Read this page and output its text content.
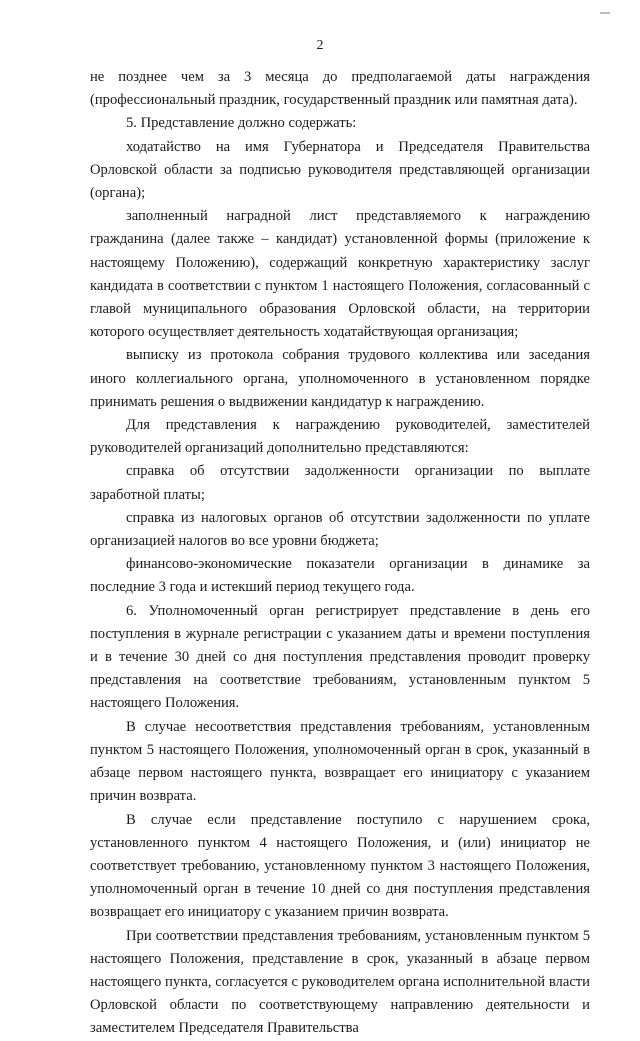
2

не позднее чем за 3 месяца до предполагаемой даты награждения (профессиональный праздник, государственный праздник или памятная дата).

5. Представление должно содержать:

ходатайство на имя Губернатора и Председателя Правительства Орловской области за подписью руководителя представляющей организации (органа);

заполненный наградной лист представляемого к награждению гражданина (далее также – кандидат) установленной формы (приложение к настоящему Положению), содержащий конкретную характеристику заслуг кандидата в соответствии с пунктом 1 настоящего Положения, согласованный с главой муниципального образования Орловской области, на территории которого осуществляет деятельность ходатайствующая организация;

выписку из протокола собрания трудового коллектива или заседания иного коллегиального органа, уполномоченного в установленном порядке принимать решения о выдвижении кандидатур к награждению.

Для представления к награждению руководителей, заместителей руководителей организаций дополнительно представляются:

справка об отсутствии задолженности организации по выплате заработной платы;

справка из налоговых органов об отсутствии задолженности по уплате организацией налогов во все уровни бюджета;

финансово-экономические показатели организации в динамике за последние 3 года и истекший период текущего года.

6. Уполномоченный орган регистрирует представление в день его поступления в журнале регистрации с указанием даты и времени поступления и в течение 30 дней со дня поступления представления проводит проверку представления на соответствие требованиям, установленным пунктом 5 настоящего Положения.

В случае несоответствия представления требованиям, установленным пунктом 5 настоящего Положения, уполномоченный орган в срок, указанный в абзаце первом настоящего пункта, возвращает его инициатору с указанием причин возврата.

В случае если представление поступило с нарушением срока, установленного пунктом 4 настоящего Положения, и (или) инициатор не соответствует требованию, установленному пунктом 3 настоящего Положения, уполномоченный орган в течение 10 дней со дня поступления представления возвращает его инициатору с указанием причин возврата.

При соответствии представления требованиям, установленным пунктом 5 настоящего Положения, представление в срок, указанный в абзаце первом настоящего пункта, согласуется с руководителем органа исполнительной власти Орловской области по соответствующему направлению деятельности и заместителем Председателя Правительства
